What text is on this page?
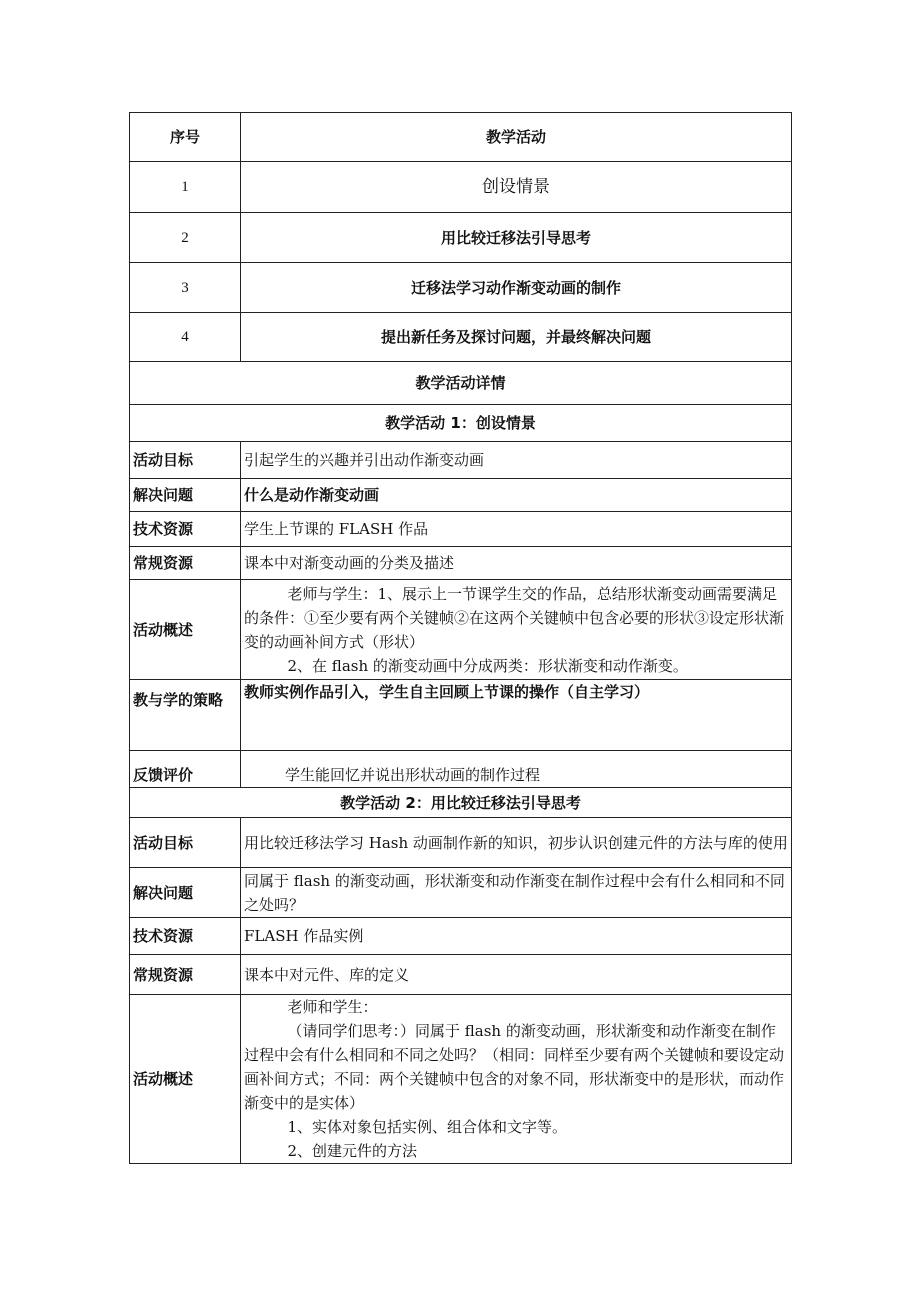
序号	教学活动
1	创设情景
2	用比较迁移法引导思考
3	迁移法学习动作渐变动画的制作
4	提出新任务及探讨问题，并最终解决问题
教学活动详情	
教学活动 1：创设情景	
活动目标	引起学生的兴趣并引出动作渐变动画
解决问题	什么是动作渐变动画
技术资源	学生上节课的 FLASH 作品
常规资源	课本中对渐变动画的分类及描述
活动概述	老师与学生：1、展示上一节课学生交的作品，总结形状渐变动画需要满足的条件：①至少要有两个关键帧②在这两个关键帧中包含必要的形状③设定形状渐变的动画补间方式（形状）
2、在 flash 的渐变动画中分成两类：形状渐变和动作渐变。

教与学的策略	教师实例作品引入，学生自主回顾上节课的操作（自主学习）
反馈评价	学生能回忆并说出形状动画的制作过程
教学活动 2：用比较迁移法引导思考	
活动目标	用比较迁移法学习 Hash 动画制作新的知识，初步认识创建元件的方法与库的使用
解决问题	同属于 flash 的渐变动画，形状渐变和动作渐变在制作过程中会有什么相同和不同之处吗？
技术资源	FLASH 作品实例
常规资源	课本中对元件、库的定义
活动概述	老师和学生：
（请同学们思考：）同属于 flash 的渐变动画，形状渐变和动作渐变在制作过程中会有什么相同和不同之处吗？（相同：同样至少要有两个关键帧和要设定动画补间方式；不同：两个关键帧中包含的对象不同，形状渐变中的是形状，而动作渐变中的是实体）
1、实体对象包括实例、组合体和文字等。
2、创建元件的方法
